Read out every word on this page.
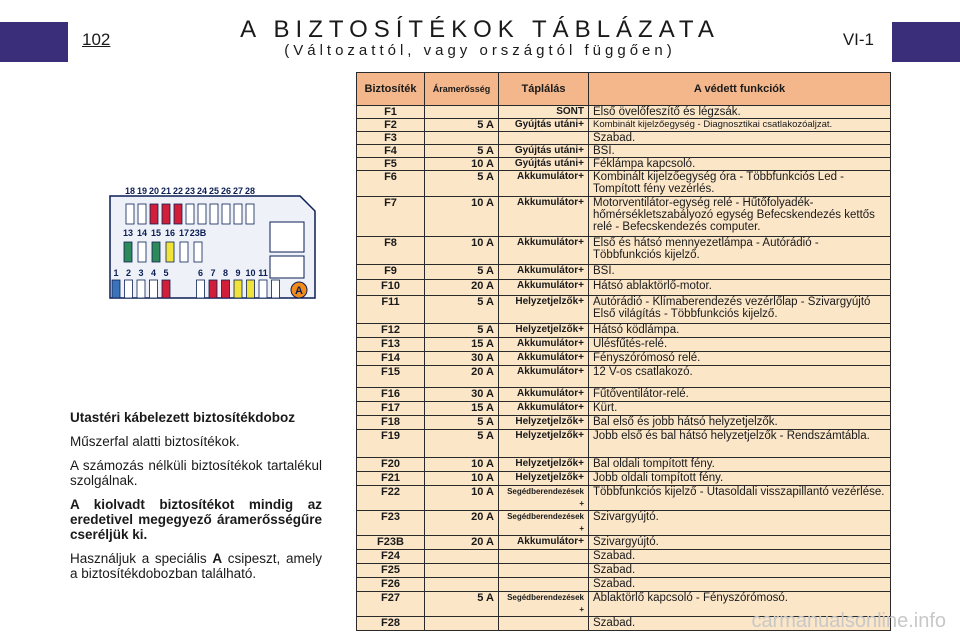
102	VI-1
A BIZTOSÍTÉKOK TÁBLÁZATA
(Változattól, vagy országtól függően)
18 19 20 21 22 23 24 25 26 27 28
13 14 15 16 17 23B
1 2 3 4 5	6 7 8 9 10 11
A

Utastéri kábelezett biztosítékdoboz

Műszerfal alatti biztosítékok.

A számozás nélküli biztosítékok tartalékul szolgálnak.

A kiolvadt biztosítékot mindig az eredetivel megegyező áramerősségűre cseréljük ki.

Használjuk a speciális A csipeszt, amely a biztosítékdobozban található.

Biztosíték	Áramerősség	Táplálás	A védett funkciók
F1		SÖNT	Első övelőfeszítő és légzsák.
F2	5 A	Gyújtás utáni+	Kombinált kijelzőegység - Diagnosztikai csatlakozóaljzat.
F3			Szabad.
F4	5 A	Gyújtás utáni+	BSI.
F5	10 A	Gyújtás utáni+	Féklámpa kapcsoló.
F6	5 A	Akkumulátor+	Kombinált kijelzőegység óra - Többfunkciós Led - Tompított fény vezérlés.
F7	10 A	Akkumulátor+	Motorventilátor-egység relé - Hűtőfolyadék-hőmérsékletszabályozó egység Befecskendezés kettős relé - Befecskendezés computer.
F8	10 A	Akkumulátor+	Első és hátsó mennyezetlámpa - Autórádió - Többfunkciós kijelző.
F9	5 A	Akkumulátor+	BSI.
F10	20 A	Akkumulátor+	Hátsó ablaktörlő-motor.
F11	5 A	Helyzetjelzők+	Autórádió - Klímaberendezés vezérlőlap - Szivargyújtó Első világítás - Többfunkciós kijelző.
F12	5 A	Helyzetjelzők+	Hátsó ködlámpa.
F13	15 A	Akkumulátor+	Ulésfűtés-relé.
F14	30 A	Akkumulátor+	Fényszórómosó relé.
F15	20 A	Akkumulátor+	12 V-os csatlakozó.
F16	30 A	Akkumulátor+	Fűtőventilátor-relé.
F17	15 A	Akkumulátor+	Kürt.
F18	5 A	Helyzetjelzők+	Bal első és jobb hátsó helyzetjelzők.
F19	5 A	Helyzetjelzők+	Jobb első és bal hátsó helyzetjelzők - Rendszámtábla.
F20	10 A	Helyzetjelzők+	Bal oldali tompított fény.
F21	10 A	Helyzetjelzők+	Jobb oldali tompított fény.
F22	10 A	Segédberendezések +	Többfunkciós kijelző - Utasoldali visszapillantó vezérlése.
F23	20 A	Segédberendezések +	Szivargyújtó.
F23B	20 A	Akkumulátor+	Szivargyújtó.
F24			Szabad.
F25			Szabad.
F26			Szabad.
F27	5 A	Segédberendezések +	Ablaktörlő kapcsoló - Fényszórómosó.
F28			Szabad.	carmanualsonline.info
